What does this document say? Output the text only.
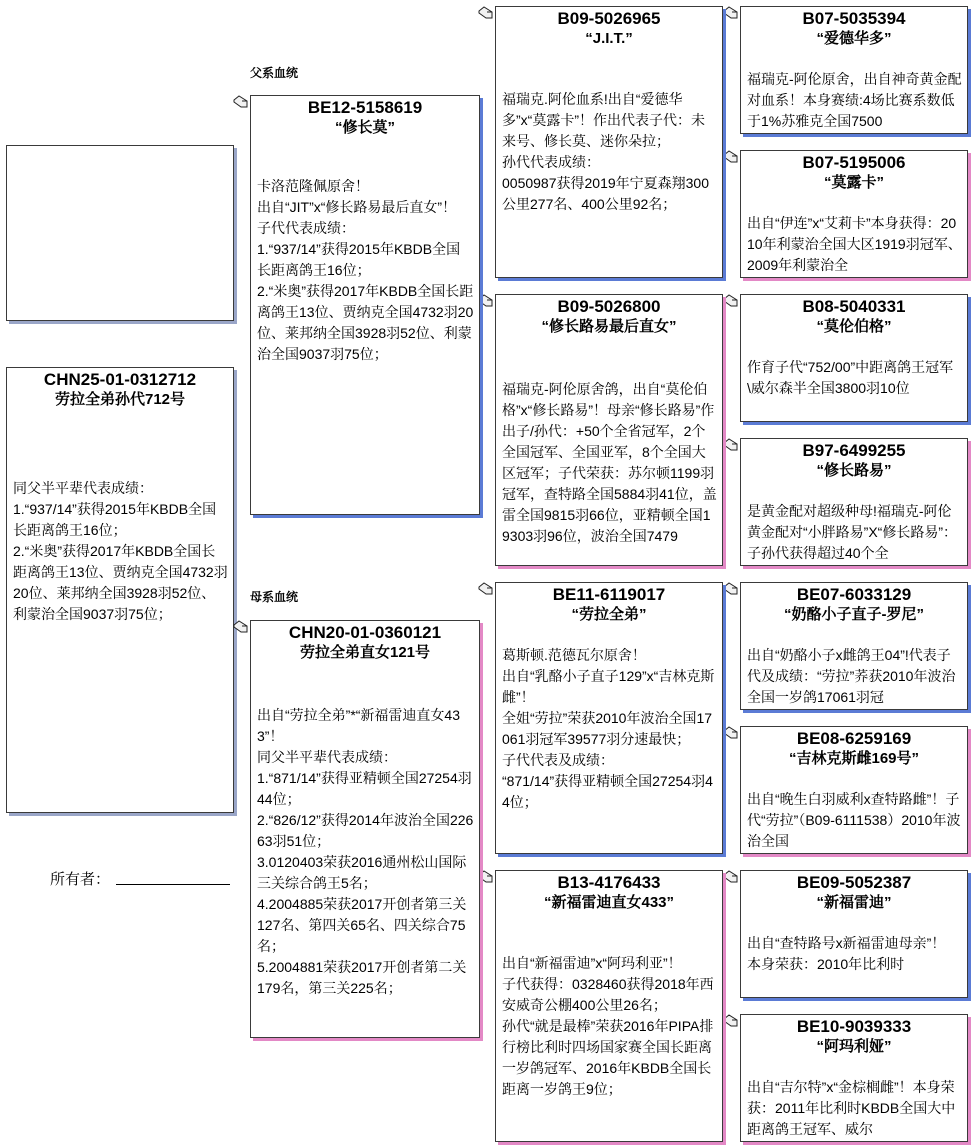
CHN25-01-0312712
劳拉全弟孙代712号
同父半平辈代表成绩：
1.“937/14”获得2015年KBDB全国长距离鸽王16位；
2.“米奥”获得2017年KBDB全国长距离鸽王13位、贾纳克全国4732羽20位、莱邦纳全国3928羽52位、利蒙治全国9037羽75位；
所有者：
父系血统
母系血统
BE12-5158619
“修长莫”
卡洛范隆佩原舍！
出自“JIT”x“修长路易最后直女”！
子代代表成绩：
1.“937/14”获得2015年KBDB全国长距离鸽王16位；
2.“米奥”获得2017年KBDB全国长距离鸽王13位、贾纳克全国4732羽20位、莱邦纳全国3928羽52位、利蒙治全国9037羽75位；
CHN20-01-0360121
劳拉全弟直女121号
出自“劳拉全弟”*“新福雷迪直女433”！
同父半平辈代表成绩：
1.“871/14”获得亚精顿全国27254羽44位；
2.“826/12”获得2014年波治全国22663羽51位；
3.0120403荣获2016通州松山国际三关综合鸽王5名；
4.2004885荣获2017开创者第三关127名、第四关65名、四关综合75名；
5.2004881荣获2017开创者第二关179名，第三关225名；
B09-5026965
“J.I.T.”
福瑞克.阿伦血系!出自“爱德华多”x“莫露卡”！作出代表子代：未来号、修长莫、迷你朵拉；
孙代代表成绩：
0050987获得2019年宁夏森翔300公里277名、400公里92名；
B09-5026800
“修长路易最后直女”
福瑞克-阿伦原舍鸽，出自“莫伦伯格”x“修长路易”！母亲“修长路易”作出子/孙代：+50个全省冠军，2个全国冠军、全国亚军，8个全国大区冠军；子代荣获：苏尔顿1199羽冠军，查特路全国5884羽41位，盖雷全国9815羽66位，亚精顿全国19303羽96位，波治全国7479
BE11-6119017
“劳拉全弟”
葛斯顿.范德瓦尔原舍！
出自“乳酪小子直子129”x“吉林克斯雌”！
全姐“劳拉”荣获2010年波治全国17061羽冠军39577羽分速最快；
子代代表及成绩：
“871/14”获得亚精顿全国27254羽44位；
B13-4176433
“新福雷迪直女433”
出自“新福雷迪”x“阿玛利亚”！
子代获得：0328460获得2018年西安威奇公棚400公里26名；
孙代“就是最棒”荣获2016年PIPA排行榜比利时四场国家赛全国长距离一岁鸽冠军、2016年KBDB全国长距离一岁鸽王9位；
B07-5035394
“爱德华多”
福瑞克-阿伦原舍，出自神奇黄金配对血系！本身赛绩:4场比赛系数低于1%苏雅克全国7500
B07-5195006
“莫露卡”
出自“伊连”x“艾莉卡”本身获得：2010年利蒙治全国大区1919羽冠军、2009年利蒙治全
B08-5040331
“莫伦伯格”
作育子代“752/00”中距离鸽王冠军\威尔森半全国3800羽10位
B97-6499255
“修长路易”
是黄金配对超级种母!福瑞克-阿伦黄金配对“小胖路易”X“修长路易”：子孙代获得超过40个全
BE07-6033129
“奶酪小子直子-罗尼”
出自“奶酪小子x雌鸽王04”!代表子代及成绩：“劳拉”荞获2010年波治全国一岁鸽17061羽冠
BE08-6259169
“吉林克斯雌169号”
出自“晚生白羽威利x查特路雌”！子代“劳拉”（B09-6111538）2010年波治全国
BE09-5052387
“新福雷迪”
出自“查特路号x新福雷迪母亲”！
本身荣获：2010年比利时
BE10-9039333
“阿玛利娅”
出自“吉尔特”x“金棕榈雌”！本身荣获：2011年比利时KBDB全国大中距离鸽王冠军、威尔
